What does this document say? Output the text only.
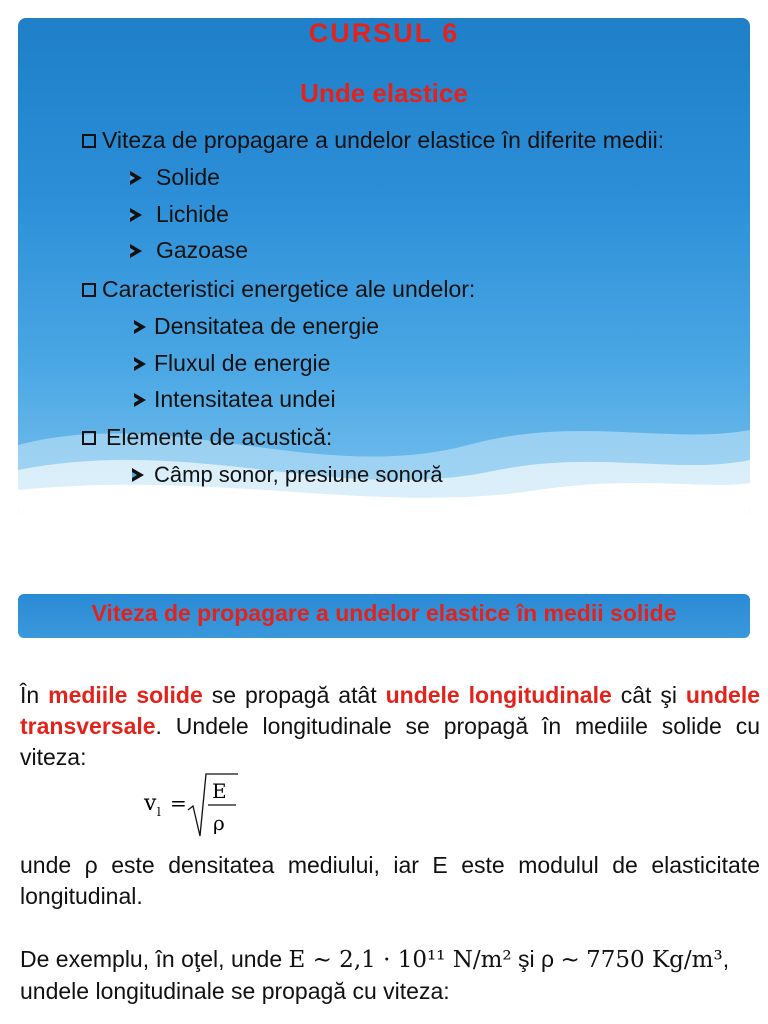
CURSUL 6
Unde elastice
Viteza de propagare a undelor elastice în diferite medii:
Solide
Lichide
Gazoase
Caracteristici energetice ale undelor:
Densitatea de energie
Fluxul de energie
Intensitatea undei
Elemente de acustică:
Câmp sonor, presiune sonoră
Viteza de propagare a undelor elastice în medii solide
În mediile solide se propagă atât undele longitudinale cât şi undele transversale. Undele longitudinale se propagă în mediile solide cu viteza:
v l = E
ρ
unde ρ este densitatea mediului, iar E este modulul de elasticitate longitudinal.
De exemplu, în oţel, unde E ∼ 2,1 · 10¹¹ N/m² şi ρ ∼ 7750 Kg/m³, undele longitudinale se propagă cu viteza:
